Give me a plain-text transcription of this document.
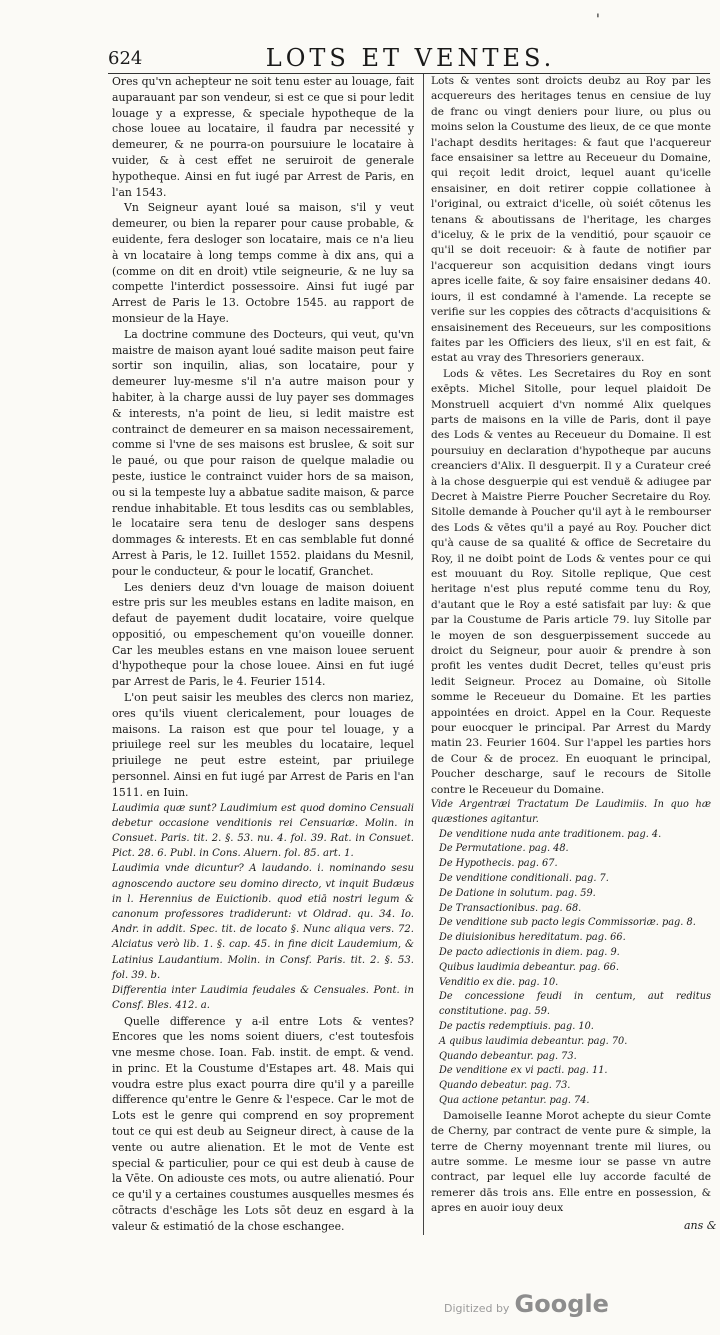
'
624	LOTS ET VENTES.

Ores qu'vn achepteur ne soit tenu ester au louage, fait auparauant par son vendeur, si est ce que si pour ledit louage y a expresse, & speciale hypotheque de la chose louee au locataire, il faudra par necessité y demeurer, & ne pourra-on poursuiure le locataire à vuider, & à cest effet ne seruiroit de generale hypotheque. Ainsi en fut iugé par Arrest de Paris, en l'an 1543.

Vn Seigneur ayant loué sa maison, s'il y veut demeurer, ou bien la reparer pour cause probable, & euidente, fera desloger son locataire, mais ce n'a lieu à vn locataire à long temps comme à dix ans, qui a (comme on dit en droit) vtile seigneurie, & ne luy sa compette l'interdict possessoire. Ainsi fut iugé par Arrest de Paris le 13. Octobre 1545. au rapport de monsieur de la Haye.

La doctrine commune des Docteurs, qui veut, qu'vn maistre de maison ayant loué sadite maison peut faire sortir son inquilin, alias, son locataire, pour y demeurer luy-mesme s'il n'a autre maison pour y habiter, à la charge aussi de luy payer ses dommages & interests, n'a point de lieu, si ledit maistre est contrainct de demeurer en sa maison necessairement, comme si l'vne de ses maisons est bruslee, & soit sur le paué, ou que pour raison de quelque maladie ou peste, iustice le contrainct vuider hors de sa maison, ou si la tempeste luy a abbatue sadite maison, & parce rendue inhabitable. Et tous lesdits cas ou semblables, le locataire sera tenu de desloger sans despens dommages & interests. Et en cas semblable fut donné Arrest à Paris, le 12. Iuillet 1552. plaidans du Mesnil, pour le conducteur, & pour le locatif, Granchet.

Les deniers deuz d'vn louage de maison doiuent estre pris sur les meubles estans en ladite maison, en defaut de payement dudit locataire, voire quelque oppositió, ou empeschement qu'on voueille donner. Car les meubles estans en vne maison louee seruent d'hypotheque pour la chose louee. Ainsi en fut iugé par Arrest de Paris, le 4. Feurier 1514.

L'on peut saisir les meubles des clercs non mariez, ores qu'ils viuent clericalement, pour louages de maisons. La raison est que pour tel louage, y a priuilege reel sur les meubles du locataire, lequel priuilege ne peut estre esteint, par priuilege personnel. Ainsi en fut iugé par Arrest de Paris en l'an 1511. en Iuin.

Laudimia quæ sunt? Laudimium est quod domino Censuali debetur occasione venditionis rei Censuariæ. Molin. in Consuet. Paris. tit. 2. §. 53. nu. 4. fol. 39. Rat. in Consuet. Pict. 28. 6. Publ. in Cons. Aluern. fol. 85. art. 1.

Laudimia vnde dicuntur? A laudando. i. nominando sesu agnoscendo auctore seu domino directo, vt inquit Budæus in l. Herennius de Euictionib. quod etiā nostri legum & canonum professores tradiderunt: vt Oldrad. qu. 34. Io. Andr. in addit. Spec. tit. de locato §. Nunc aliqua vers. 72. Alciatus verò lib. 1. §. cap. 45. in fine dicit Laudemium, & Latinius Laudantium. Molin. in Consf. Paris. tit. 2. §. 53. fol. 39. b.

Differentia inter Laudimia feudales & Censuales. Pont. in Consf. Bles. 412. a.

Quelle difference y a-il entre Lots & ventes? Encores que les noms soient diuers, c'est toutesfois vne mesme chose. Ioan. Fab. instit. de empt. & vend. in princ. Et la Coustume d'Estapes art. 48. Mais qui voudra estre plus exact pourra dire qu'il y a pareille difference qu'entre le Genre & l'espece. Car le mot de Lots est le genre qui comprend en soy proprement tout ce qui est deub au Seigneur direct, à cause de la vente ou autre alienation. Et le mot de Vente est special & particulier, pour ce qui est deub à cause de la Vēte. On adiouste ces mots, ou autre alienatió. Pour ce qu'il y a certaines coustumes ausquelles mesmes és cōtracts d'eschāge les Lots sōt deuz en esgard à la valeur & estimatió de la chose eschangee.

Lots & ventes sont droicts deubz au Roy par les acquereurs des heritages tenus en censiue de luy de franc ou vingt deniers pour liure, ou plus ou moins selon la Coustume des lieux, de ce que monte l'achapt desdits heritages: & faut que l'acquereur face ensaisiner sa lettre au Receueur du Domaine, qui reçoit ledit droict, lequel auant qu'icelle ensaisiner, en doit retirer coppie collationee à l'original, ou extraict d'icelle, où soiét cōtenus les tenans & aboutissans de l'heritage, les charges d'iceluy, & le prix de la venditió, pour sçauoir ce qu'il se doit receuoir: & à faute de notifier par l'acquereur son acquisition dedans vingt iours apres icelle faite, & soy faire ensaisiner dedans 40. iours, il est condamné à l'amende. La recepte se verifie sur les coppies des cōtracts d'acquisitions & ensaisinement des Receueurs, sur les compositions faites par les Officiers des lieux, s'il en est fait, & estat au vray des Thresoriers generaux.

Lods & vētes. Les Secretaires du Roy en sont exēpts. Michel Sitolle, pour lequel plaidoit De Monstruell acquiert d'vn nommé Alix quelques parts de maisons en la ville de Paris, dont il paye des Lods & ventes au Receueur du Domaine. Il est poursuiuy en declaration d'hypotheque par aucuns creanciers d'Alix. Il desguerpit. Il y a Curateur creé à la chose desguerpie qui est venduë & adiugee par Decret à Maistre Pierre Poucher Secretaire du Roy. Sitolle demande à Poucher qu'il ayt à le rembourser des Lods & vētes qu'il a payé au Roy. Poucher dict qu'à cause de sa qualité & office de Secretaire du Roy, il ne doibt point de Lods & ventes pour ce qui est mouuant du Roy. Sitolle replique, Que cest heritage n'est plus reputé comme tenu du Roy, d'autant que le Roy a esté satisfait par luy: & que par la Coustume de Paris article 79. luy Sitolle par le moyen de son desguerpissement succede au droict du Seigneur, pour auoir & prendre à son profit les ventes dudit Decret, telles qu'eust pris ledit Seigneur. Procez au Domaine, où Sitolle somme le Receueur du Domaine. Et les parties appointées en droict. Appel en la Cour. Requeste pour euocquer le principal. Par Arrest du Mardy matin 23. Feurier 1604. Sur l'appel les parties hors de Cour & de procez. En euoquant le principal, Poucher descharge, sauf le recours de Sitolle contre le Receueur du Domaine.

Vide Argentræi Tractatum De Laudimiis. In quo hæ quæstiones agitantur.
De venditione nuda ante traditionem. pag. 4.
De Permutatione. pag. 48.
De Hypothecis. pag. 67.
De venditione conditionali. pag. 7.
De Datione in solutum. pag. 59.
De Transactionibus. pag. 68.
De venditione sub pacto legis Commissoriæ. pag. 8.
De diuisionibus hereditatum. pag. 66.
De pacto adiectionis in diem. pag. 9.
Quibus laudimia debeantur. pag. 66.
Venditio ex die. pag. 10.
De concessione feudi in centum, aut reditus constitutione. pag. 59.
De pactis redemptiuis. pag. 10.
A quibus laudimia debeantur. pag. 70.
Quando debeantur. pag. 73.
De venditione ex vi pacti. pag. 11.
Quando debeatur. pag. 73.
Qua actione petantur. pag. 74.

Damoiselle Ieanne Morot achepte du sieur Comte de Cherny, par contract de vente pure & simple, la terre de Cherny moyennant trente mil liures, ou autre somme. Le mesme iour se passe vn autre contract, par lequel elle luy accorde faculté de remerer dās trois ans. Elle entre en possession, & apres en auoir iouy deux

ans &
Digitized by Google
